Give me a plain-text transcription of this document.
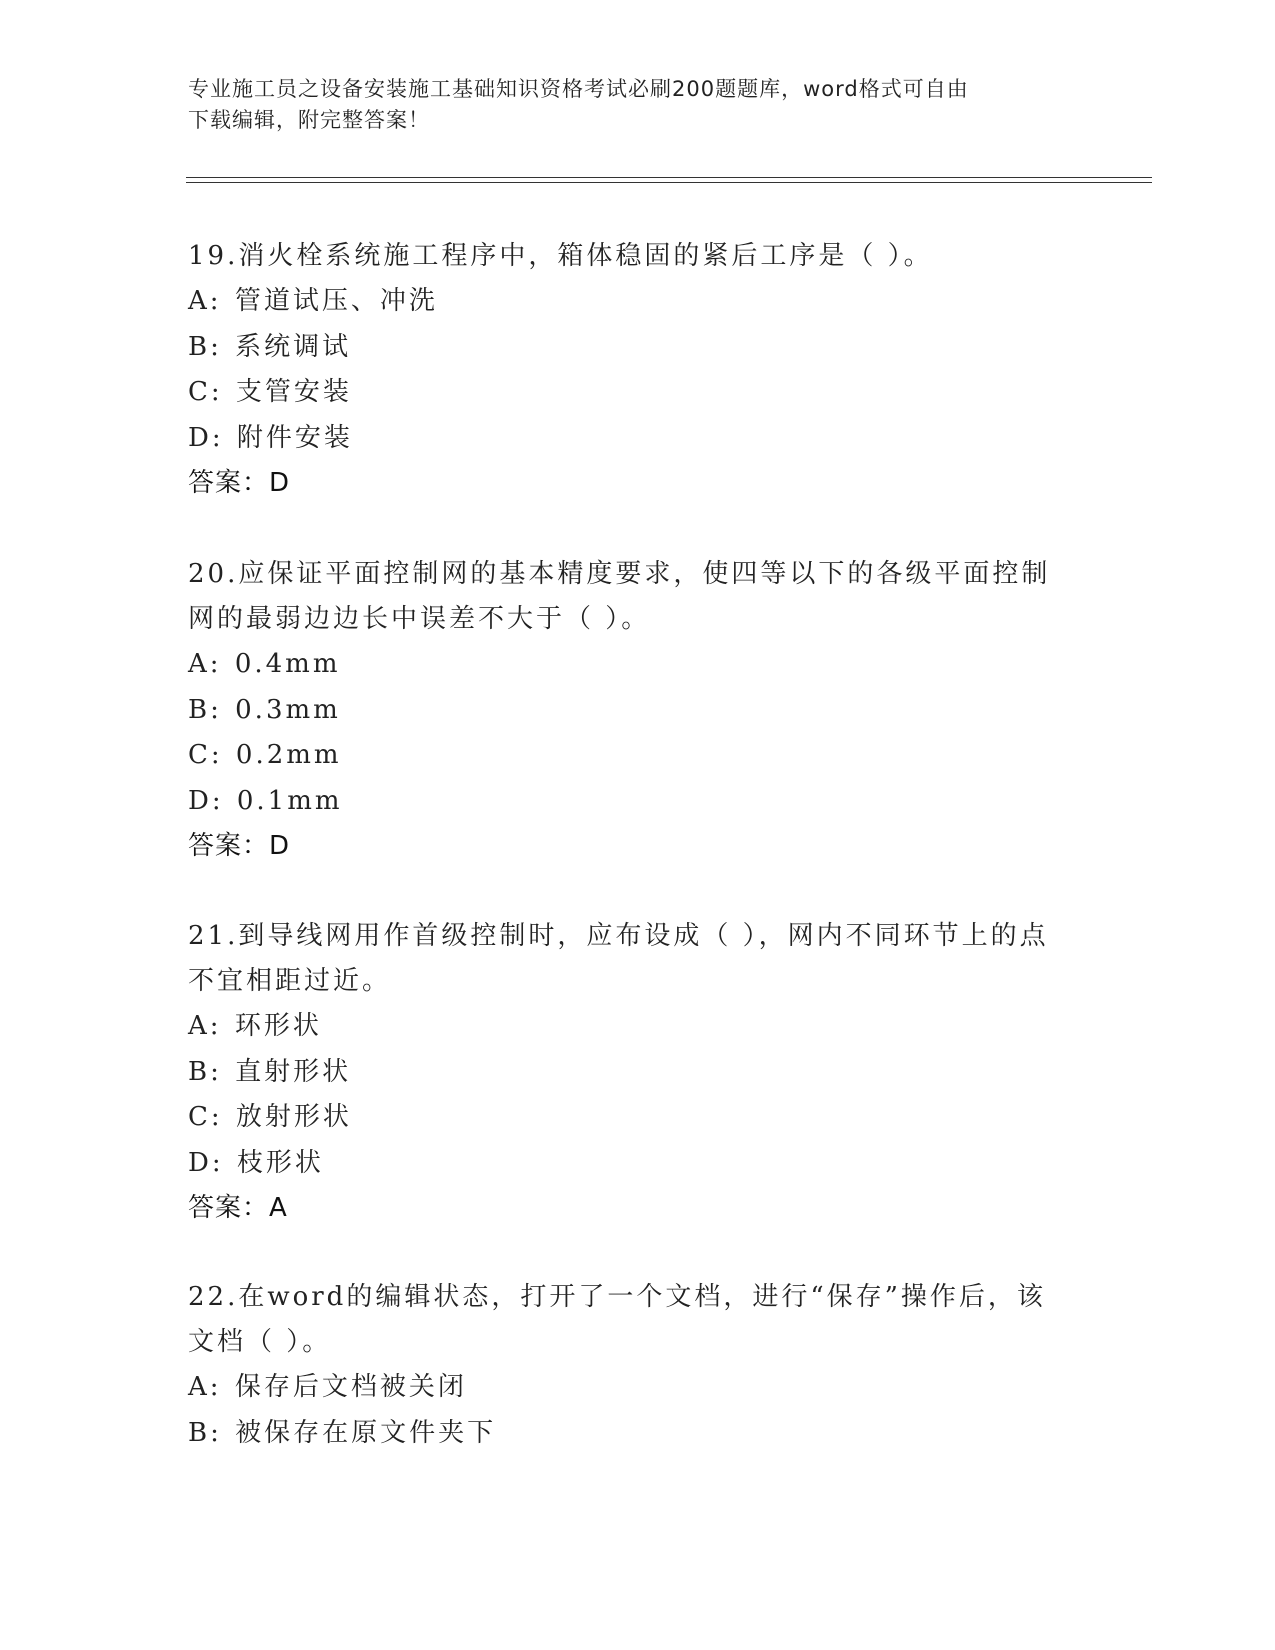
专业施工员之设备安装施工基础知识资格考试必刷200题题库，word格式可自由
下载编辑，附完整答案！
19.消火栓系统施工程序中，箱体稳固的紧后工序是（ ）。
A: 管道试压、冲洗
B: 系统调试
C: 支管安装
D: 附件安装
答案：D
20.应保证平面控制网的基本精度要求，使四等以下的各级平面控制网的最弱边边长中误差不大于（ ）。
A: 0.4mm
B: 0.3mm
C: 0.2mm
D: 0.1mm
答案：D
21.到导线网用作首级控制时，应布设成（ ），网内不同环节上的点不宜相距过近。
A: 环形状
B: 直射形状
C: 放射形状
D: 枝形状
答案：A
22.在word的编辑状态，打开了一个文档，进行“保存”操作后，该文档（ ）。
A: 保存后文档被关闭
B: 被保存在原文件夹下
